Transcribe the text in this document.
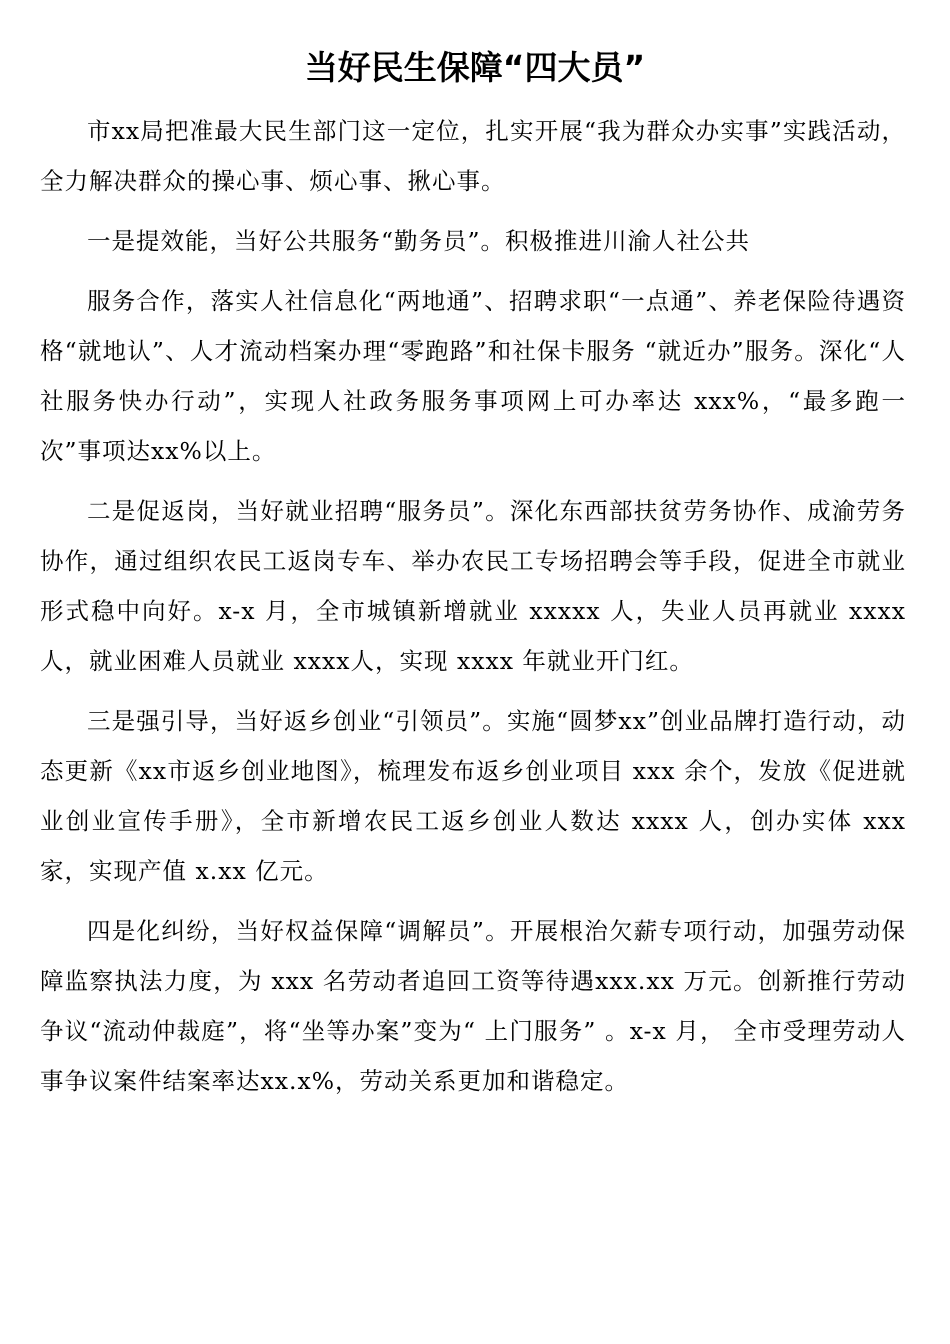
当好民生保障“四大员”

市xx局把准最大民生部门这一定位，扎实开展“我为群众办实事”实践活动，全力解决群众的操心事、烦心事、揪心事。

一是提效能，当好公共服务“勤务员”。积极推进川渝人社公共

服务合作，落实人社信息化“两地通”、招聘求职“一点通”、养老保险待遇资格“就地认”、人才流动档案办理“零跑路”和社保卡服务 “就近办”服务。深化“人社服务快办行动”，实现人社政务服务事项网上可办率达 xxx%，“最多跑一次”事项达xx%以上。

二是促返岗，当好就业招聘“服务员”。深化东西部扶贫劳务协作、成渝劳务协作，通过组织农民工返岗专车、举办农民工专场招聘会等手段，促进全市就业形式稳中向好。x-x 月，全市城镇新增就业 xxxxx 人，失业人员再就业 xxxx 人，就业困难人员就业 xxxx人，实现 xxxx 年就业开门红。

三是强引导，当好返乡创业“引领员”。实施“圆梦xx”创业品牌打造行动，动态更新《xx市返乡创业地图》，梳理发布返乡创业项目 xxx 余个，发放《促进就业创业宣传手册》，全市新增农民工返乡创业人数达 xxxx 人，创办实体 xxx 家，实现产值 x.xx 亿元。

四是化纠纷，当好权益保障“调解员”。开展根治欠薪专项行动，加强劳动保障监察执法力度，为 xxx 名劳动者追回工资等待遇xxx.xx 万元。创新推行劳动争议“流动仲裁庭”，将“坐等办案”变为“ 上门服务” 。x-x 月， 全市受理劳动人事争议案件结案率达xx.x%，劳动关系更加和谐稳定。
